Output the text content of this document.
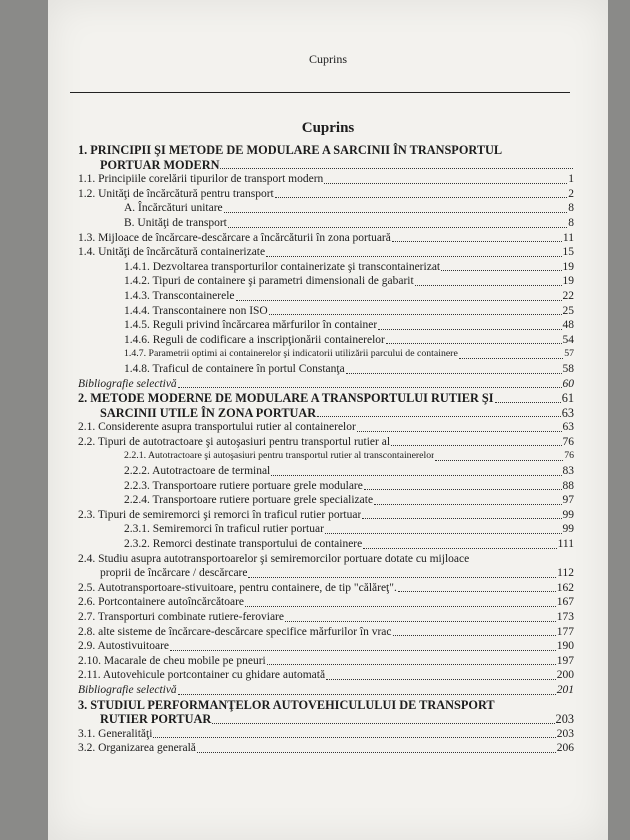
Cuprins
Cuprins
1. PRINCIPII ŞI METODE DE MODULARE A SARCINII ÎN TRANSPORTUL
PORTUAR MODERN
1.1. Principiile corelării tipurilor de transport modern	1
1.2. Unităţi de încărcătură pentru transport	2
A. Încărcături unitare	8
B. Unităţi de transport	8
1.3. Mijloace de încărcare-descărcare a încărcăturii în zona portuară	11
1.4. Unităţi de încărcătură containerizate	15
1.4.1. Dezvoltarea transporturilor containerizate şi transcontainerizat	19
1.4.2. Tipuri de containere şi parametri dimensionali de gabarit	19
1.4.3. Transcontainerele	22
1.4.4. Transcontainere non ISO	25
1.4.5. Reguli privind încărcarea mărfurilor în container	48
1.4.6. Reguli de codificare a inscripţionării containerelor	54
1.4.7. Parametrii optimi ai containerelor şi indicatorii utilizării parcului de containere	57
1.4.8. Traficul de containere în portul Constanţa	58
Bibliografie selectivă	60
2. METODE MODERNE DE MODULARE A TRANSPORTULUI RUTIER ŞI	61
SARCINII UTILE ÎN ZONA PORTUAR	63
2.1. Considerente asupra transportului rutier al containerelor	63
2.2. Tipuri de autotractoare şi autoşasiuri pentru transportul rutier al	76
2.2.1. Autotractoare şi autoşasiuri pentru transportul rutier al transcontainerelor	76
2.2.2. Autotractoare de terminal	83
2.2.3. Transportoare rutiere portuare grele modulare	88
2.2.4. Transportoare rutiere portuare grele specializate	97
2.3. Tipuri de semiremorci şi remorci în traficul rutier portuar	99
2.3.1. Semiremorci în traficul rutier portuar	99
2.3.2. Remorci destinate transportului de containere	111
2.4. Studiu asupra autotransportoarelor şi semiremorcilor portuare dotate cu mijloace
proprii de încărcare / descărcare	112
2.5. Autotransportoare-stivuitoare, pentru containere, de tip "călăreţ".	162
2.6. Portcontainere autoîncărcătoare	167
2.7. Transporturi combinate rutiere-feroviare	173
2.8. alte sisteme de încărcare-descărcare specifice mărfurilor în vrac	177
2.9. Autostivuitoare	190
2.10. Macarale de cheu mobile pe pneuri	197
2.11. Autovehicule portcontainer cu ghidare automată	200
Bibliografie selectivă	201
3. STUDIUL PERFORMANŢELOR AUTOVEHICULULUI DE TRANSPORT
RUTIER PORTUAR	203
3.1. Generalităţi	203
3.2. Organizarea generală	206
